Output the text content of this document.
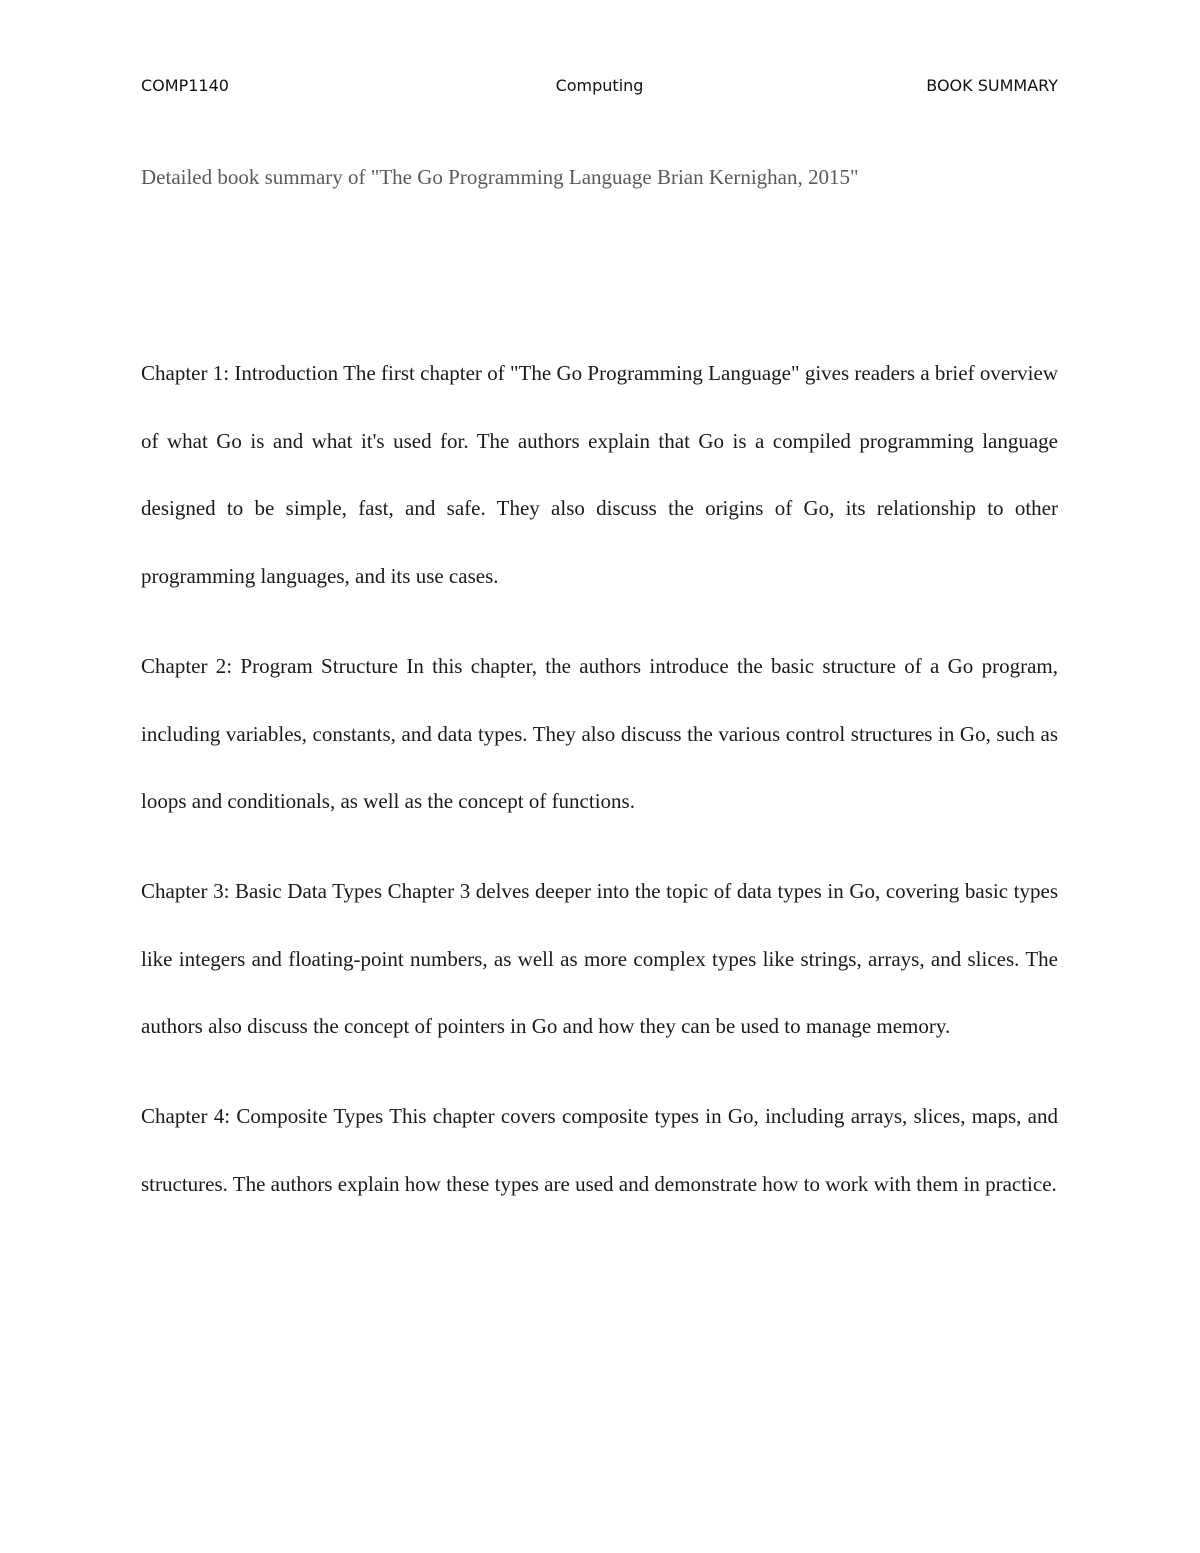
COMP1140	Computing	BOOK SUMMARY
Detailed book summary of "The Go Programming Language Brian Kernighan, 2015"

Chapter 1: Introduction The first chapter of "The Go Programming Language" gives readers a brief overview of what Go is and what it's used for. The authors explain that Go is a compiled programming language designed to be simple, fast, and safe. They also discuss the origins of Go, its relationship to other programming languages, and its use cases.

Chapter 2: Program Structure In this chapter, the authors introduce the basic structure of a Go program, including variables, constants, and data types. They also discuss the various control structures in Go, such as loops and conditionals, as well as the concept of functions.

Chapter 3: Basic Data Types Chapter 3 delves deeper into the topic of data types in Go, covering basic types like integers and floating-point numbers, as well as more complex types like strings, arrays, and slices. The authors also discuss the concept of pointers in Go and how they can be used to manage memory.

Chapter 4: Composite Types This chapter covers composite types in Go, including arrays, slices, maps, and structures. The authors explain how these types are used and demonstrate how to work with them in practice.
